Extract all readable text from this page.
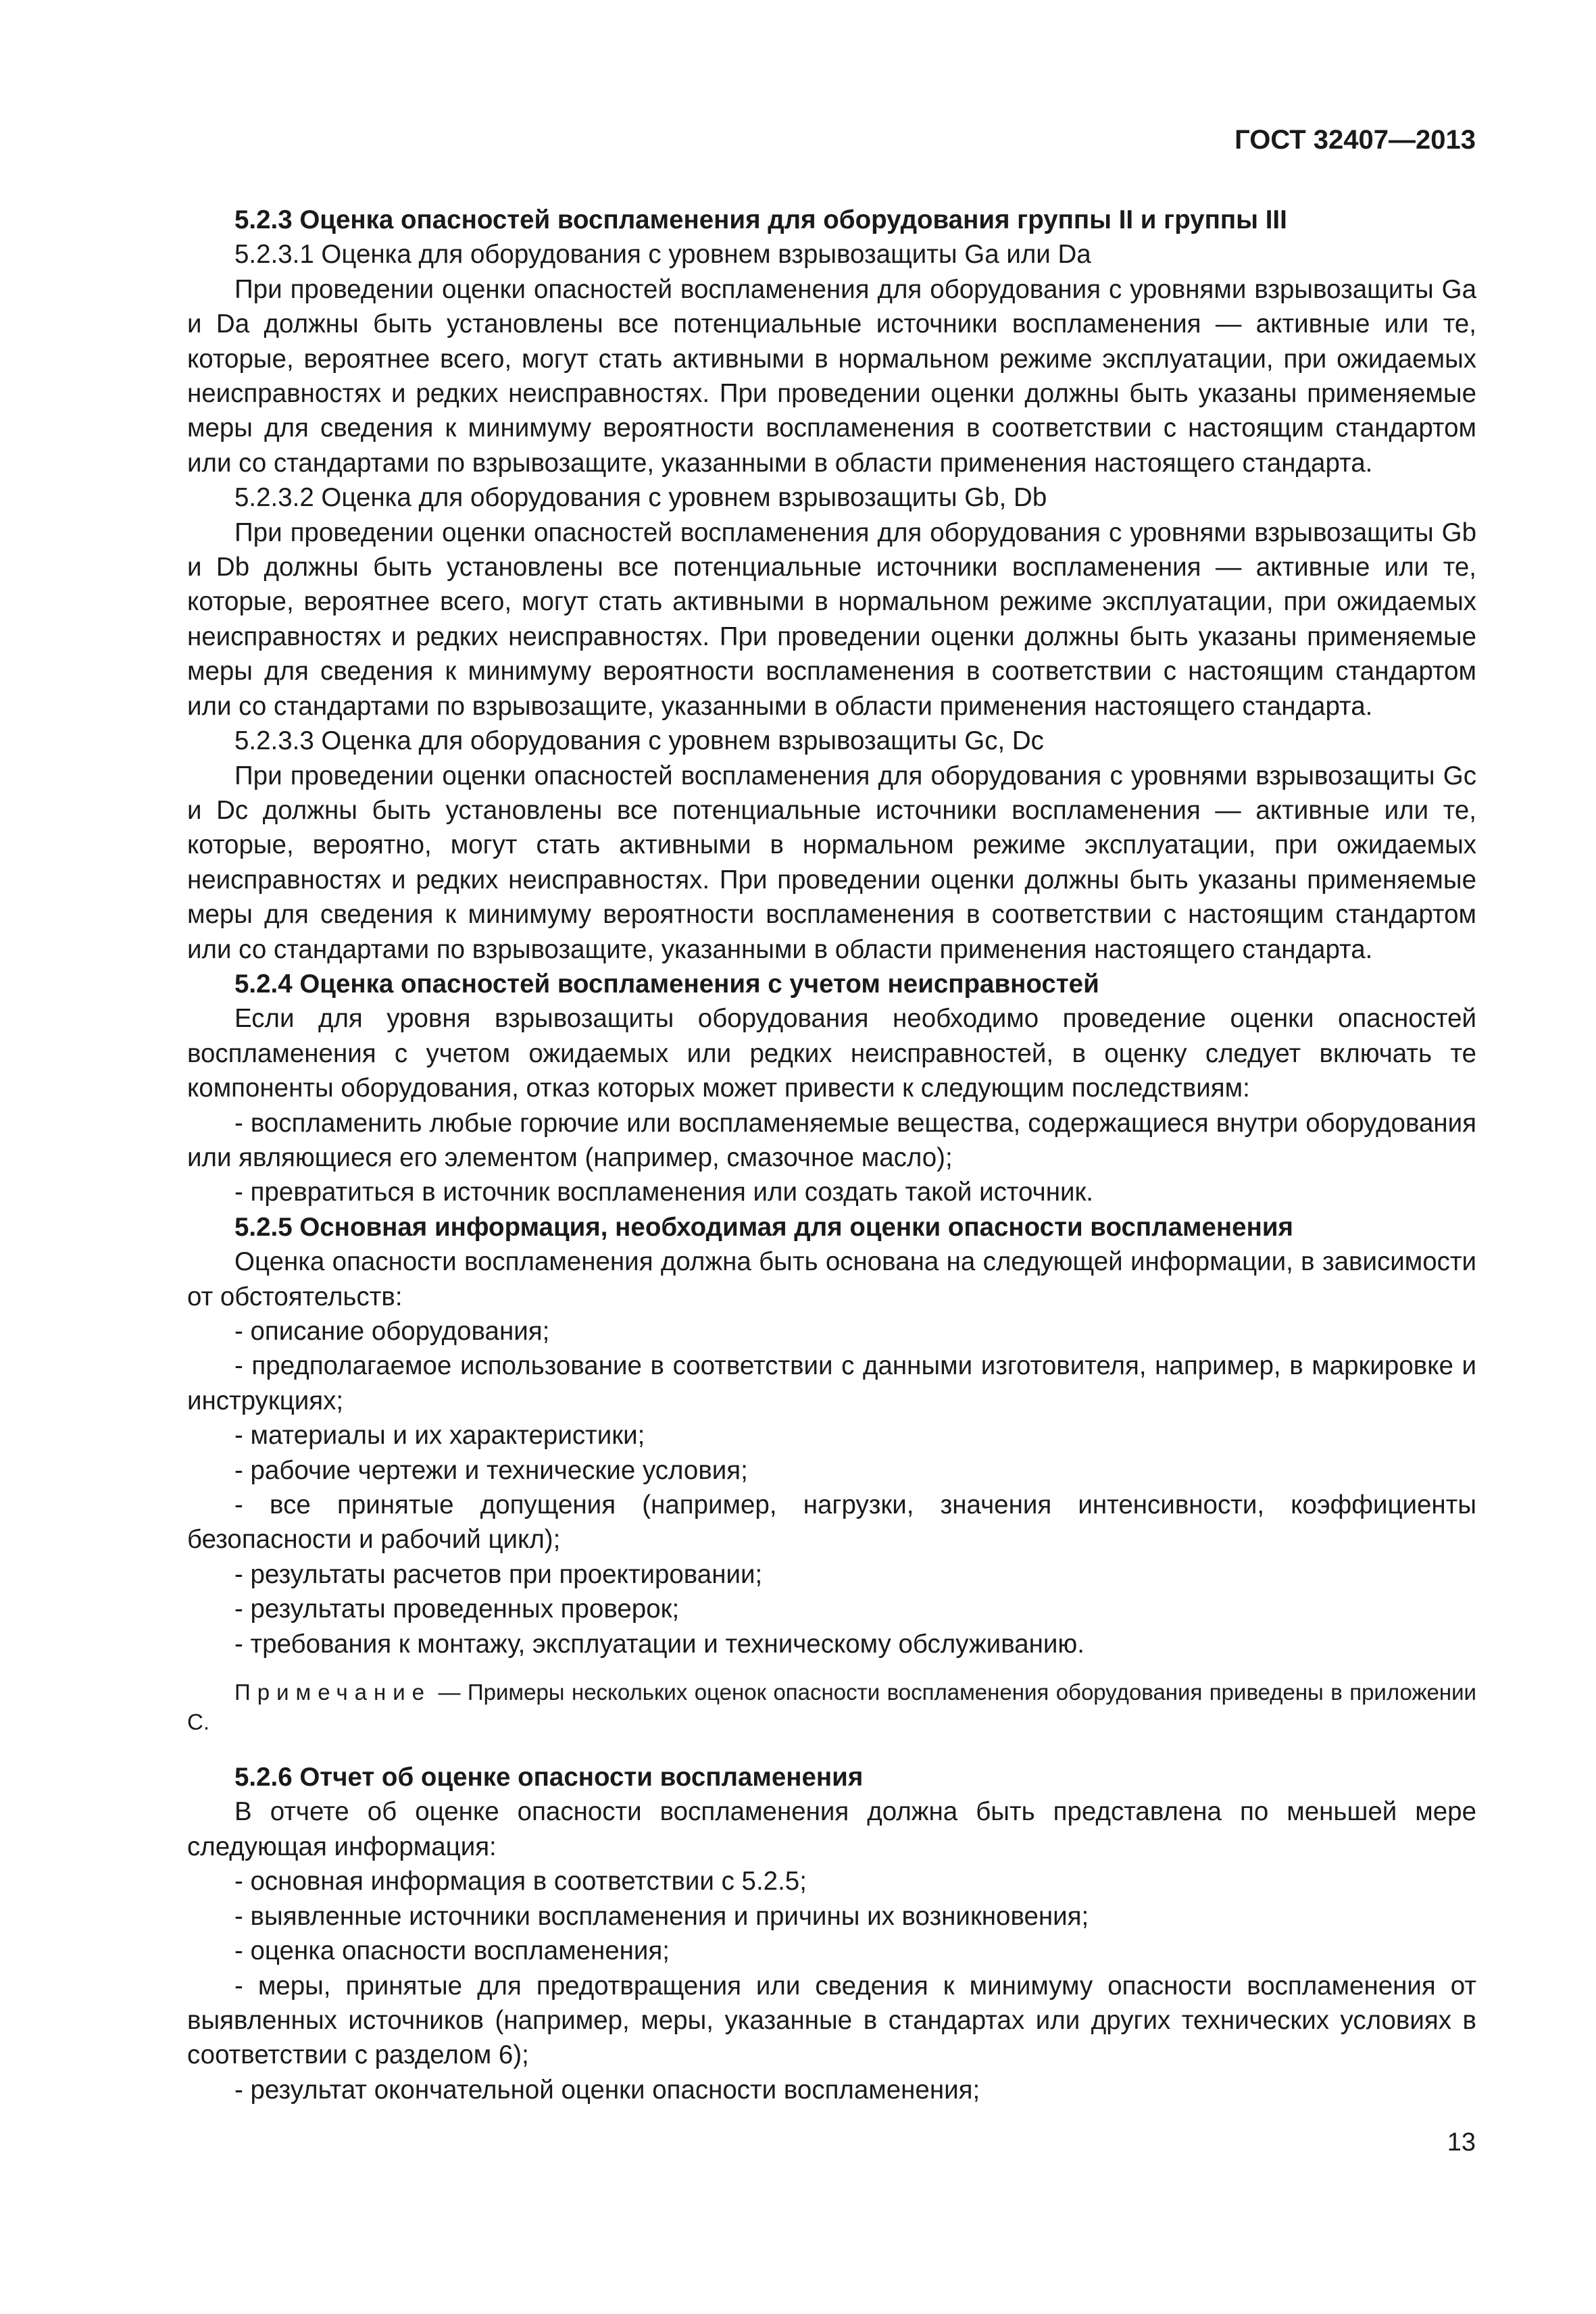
ГОСТ 32407—2013

5.2.3 Оценка опасностей воспламенения для оборудования группы II и группы III

5.2.3.1 Оценка для оборудования с уровнем взрывозащиты Ga или Da

При проведении оценки опасностей воспламенения для оборудования с уровнями взрывозащиты Ga и Da должны быть установлены все потенциальные источники воспламенения — активные или те, которые, вероятнее всего, могут стать активными в нормальном режиме эксплуатации, при ожидаемых неисправностях и редких неисправностях. При проведении оценки должны быть указаны применяемые меры для сведения к минимуму вероятности воспламенения в соответствии с настоящим стандартом или со стандартами по взрывозащите, указанными в области применения настоящего стандарта.

5.2.3.2 Оценка для оборудования с уровнем взрывозащиты Gb, Db

При проведении оценки опасностей воспламенения для оборудования с уровнями взрывозащиты Gb и Db должны быть установлены все потенциальные источники воспламенения — активные или те, которые, вероятнее всего, могут стать активными в нормальном режиме эксплуатации, при ожидаемых неисправностях и редких неисправностях. При проведении оценки должны быть указаны применяемые меры для сведения к минимуму вероятности воспламенения в соответствии с настоящим стандартом или со стандартами по взрывозащите, указанными в области применения настоящего стандарта.

5.2.3.3 Оценка для оборудования с уровнем взрывозащиты Gc, Dc

При проведении оценки опасностей воспламенения для оборудования с уровнями взрывозащиты Gc и Dc должны быть установлены все потенциальные источники воспламенения — активные или те, которые, вероятно, могут стать активными в нормальном режиме эксплуатации, при ожидаемых неисправностях и редких неисправностях. При проведении оценки должны быть указаны применяемые меры для сведения к минимуму вероятности воспламенения в соответствии с настоящим стандартом или со стандартами по взрывозащите, указанными в области применения настоящего стандарта.

5.2.4 Оценка опасностей воспламенения с учетом неисправностей

Если для уровня взрывозащиты оборудования необходимо проведение оценки опасностей воспламенения с учетом ожидаемых или редких неисправностей, в оценку следует включать те компоненты оборудования, отказ которых может привести к следующим последствиям:

- воспламенить любые горючие или воспламеняемые вещества, содержащиеся внутри оборудования или являющиеся его элементом (например, смазочное масло);

- превратиться в источник воспламенения или создать такой источник.

5.2.5 Основная информация, необходимая для оценки опасности воспламенения

Оценка опасности воспламенения должна быть основана на следующей информации, в зависимости от обстоятельств:

- описание оборудования;

- предполагаемое использование в соответствии с данными изготовителя, например, в маркировке и инструкциях;

- материалы и их характеристики;

- рабочие чертежи и технические условия;

- все принятые допущения (например, нагрузки, значения интенсивности, коэффициенты безопасности и рабочий цикл);

- результаты расчетов при проектировании;

- результаты проведенных проверок;

- требования к монтажу, эксплуатации и техническому обслуживанию.

Примечание — Примеры нескольких оценок опасности воспламенения оборудования приведены в приложении С.

5.2.6 Отчет об оценке опасности воспламенения

В отчете об оценке опасности воспламенения должна быть представлена по меньшей мере следующая информация:

- основная информация в соответствии с 5.2.5;

- выявленные источники воспламенения и причины их возникновения;

- оценка опасности воспламенения;

- меры, принятые для предотвращения или сведения к минимуму опасности воспламенения от выявленных источников (например, меры, указанные в стандартах или других технических условиях в соответствии с разделом 6);

- результат окончательной оценки опасности воспламенения;

13
